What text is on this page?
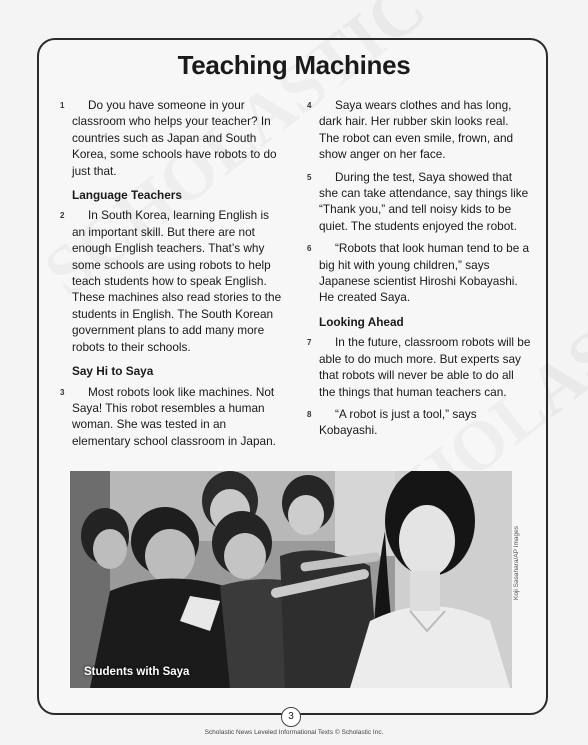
Teaching Machines

1 Do you have someone in your classroom who helps your teacher? In countries such as Japan and South Korea, some schools have robots to do just that.

Language Teachers

2 In South Korea, learning English is an important skill. But there are not enough English teachers. That’s why some schools are using robots to help teach students how to speak English. These machines also read stories to the students in English. The South Korean government plans to add many more robots to their schools.

Say Hi to Saya

3 Most robots look like machines. Not Saya! This robot resembles a human woman. She was tested in an elementary school classroom in Japan.

4 Saya wears clothes and has long, dark hair. Her rubber skin looks real. The robot can even smile, frown, and show anger on her face.

5 During the test, Saya showed that she can take attendance, say things like “Thank you,” and tell noisy kids to be quiet. The students enjoyed the robot.

6 “Robots that look human tend to be a big hit with young children,” says Japanese scientist Hiroshi Kobayashi. He created Saya.

Looking Ahead

7 In the future, classroom robots will be able to do much more. But experts say that robots will never be able to do all the things that human teachers can.

8 “A robot is just a tool,” says Kobayashi.

Students with Saya
Koji Sasahara/AP Images
3
Scholastic News Leveled Informational Texts © Scholastic Inc.
